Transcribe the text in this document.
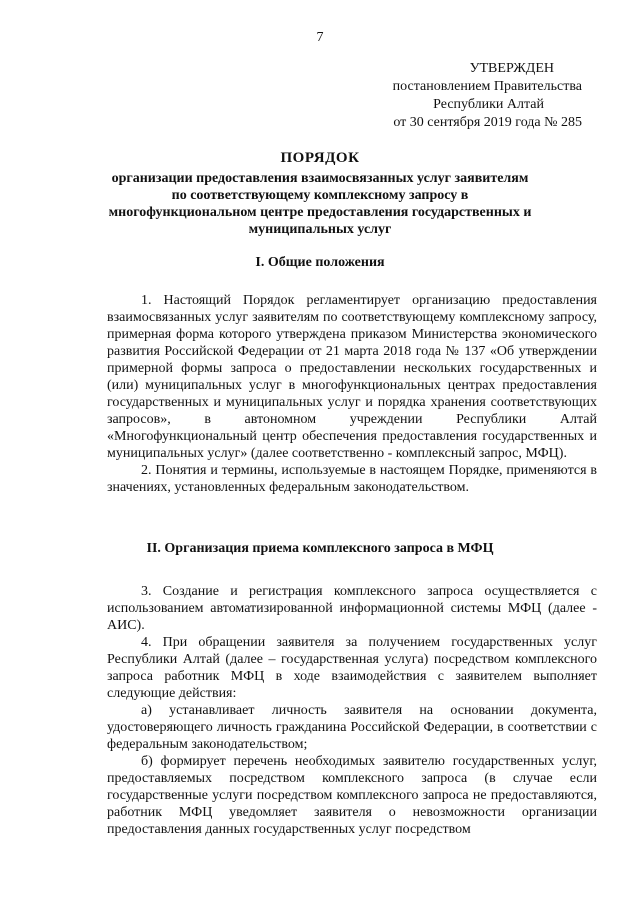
7
УТВЕРЖДЕН
постановлением Правительства
Республики Алтай
от 30 сентября 2019 года № 285
ПОРЯДОК
организации предоставления взаимосвязанных услуг заявителям по соответствующему комплексному запросу в многофункциональном центре предоставления государственных и муниципальных услуг
I. Общие положения

1. Настоящий Порядок регламентирует организацию предоставления взаимосвязанных услуг заявителям по соответствующему комплексному запросу, примерная форма которого утверждена приказом Министерства экономического развития Российской Федерации от 21 марта 2018 года № 137 «Об утверждении примерной формы запроса о предоставлении нескольких государственных и (или) муниципальных услуг в многофункциональных центрах предоставления государственных и муниципальных услуг и порядка хранения соответствующих запросов», в автономном учреждении Республики Алтай «Многофункциональный центр обеспечения предоставления государственных и муниципальных услуг» (далее соответственно - комплексный запрос, МФЦ).

2. Понятия и термины, используемые в настоящем Порядке, применяются в значениях, установленных федеральным законодательством.

II. Организация приема комплексного запроса в МФЦ

3. Создание и регистрация комплексного запроса осуществляется с использованием автоматизированной информационной системы МФЦ (далее - АИС).

4. При обращении заявителя за получением государственных услуг Республики Алтай (далее – государственная услуга) посредством комплексного запроса работник МФЦ в ходе взаимодействия с заявителем выполняет следующие действия:

а) устанавливает личность заявителя на основании документа, удостоверяющего личность гражданина Российской Федерации, в соответствии с федеральным законодательством;

б) формирует перечень необходимых заявителю государственных услуг, предоставляемых посредством комплексного запроса (в случае если государственные услуги посредством комплексного запроса не предоставляются, работник МФЦ уведомляет заявителя о невозможности организации предоставления данных государственных услуг посредством
